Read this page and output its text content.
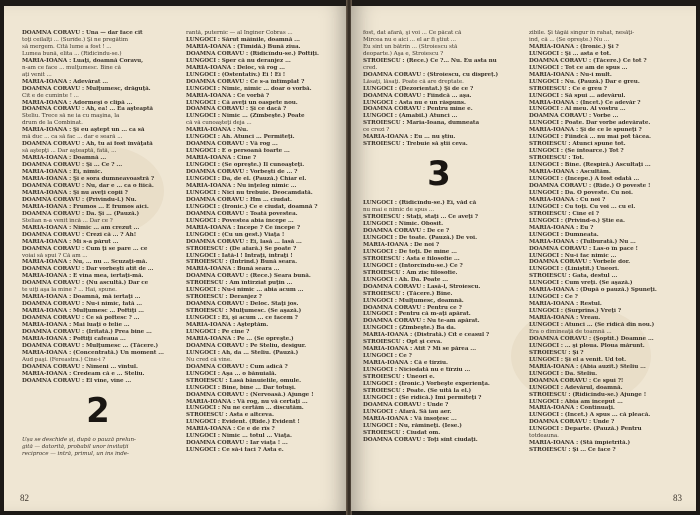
DOAMNA CORAVU : Una — dar face cît
toţi ceilalţi ... (Surîde.) Şi ne pregătim
să mergem. Cîtă lume a fost ! ...
Lumea bună, elita ... (Ridicîndu-se.)
MARIA-IOANA : Luaţi, doamnă Coravu,
n-am ce face ... mulţumesc. Bine că
ați venit ...
MARIA-IOANA : Adevărat ...
DOAMNA CORAVU : Mulţumesc, drăguţă.
Cît e de cuminte ! ...
MARIA-IOANA : Adormeşi o clipă ...
DOAMNA CORAVU : Ah, ea! ... Ea aşteaptă
Steliu. Trece să ne ia cu maşina, la
drum de la Combinat.
MARIA-IOANA : Şi eu aştept un ... ca să
mă duc ... ca să fac ... dar e seară ...
DOAMNA CORAVU : Ah, tu ai fost învăţată
să aştepţi ... Dar aşteaptă, fată, ...
MARIA-IOANA : Doamnă ...
DOAMNA CORAVU : Şi ... Ce ? ...
MARIA-IOANA : Ei, nimic.
MARIA-IOANA : Şi e sora dumneavoastră ?
DOAMNA CORAVU : Nu, dar e ... ca o fiică.
MARIA-IOANA : Şi nu aveţi copii ?
DOAMNA CORAVU : (Privindu-l.) Nu.
MARIA-IOANA : Frumos ... E frumos aici.
DOAMNA CORAVU : Da. Şi ... (Pauză.)
Stelian n-a venit încă ... Dar ce ?
MARIA-IOANA : Nimic ... am crezut ...
DOAMNA CORAVU : Crezi că ... ? Ah!
MARIA-IOANA : Mi s-a părut ...
DOAMNA CORAVU : Cum ţi se pare ... ce
voiai să spui ? Că am ...
MARIA-IOANA : Nu, ... nu ... Scuzaţi-mă.
DOAMNA CORAVU : Dar vorbeşti atît de ...
MARIA-IOANA : E vina mea, iertaţi-mă.
DOAMNA CORAVU : (Nu ascultă.) Dar ce
te uiţi aşa la mine ? ... Hai, spune.
MARIA-IOANA : Doamnă, mă iertaţi ...
DOAMNA CORAVU : Nu-i nimic, fată ...
MARIA-IOANA : Mulţumesc ... Poftiţi ...
DOAMNA CORAVU : Ce să poftesc ? ...
MARIA-IOANA : Mai luaţi o felie ...
DOAMNA CORAVU : (Iritată.) Prea bine ...
MARIA-IOANA : Poftiţi cafeaua ...
DOAMNA CORAVU : Mulţumesc ... (Tăcere.)
MARIA-IOANA : (Concentrată.) Un moment ...
Aud paşi. (Fereastra.) Cine-i ?
DOAMNA CORAVU : Nimeni ... vîntul.
MARIA-IOANA : Credeam că e ... Steliu.
DOAMNA CORAVU : El vine, vine ...
2
Ușa se deschide și, după o pauză prelun-
gită — datorită, probabil unor invitații
reciproce — intră, primul, un ins înde-
rantă, puternic — al Inginer Cobras ...
LUNGOCI : Sărut mâinile, doamnă ...
MARIA-IOANA : (Timidă.) Bună ziua.
DOAMNA CORAVU : (Ridicîndu-se.) Poftiţi.
LUNGOCI : Sper că nu deranjez ...
MARIA-IOANA : Deloc, vă rog ...
LUNGOCI : (Ostentativ.) Ei ! Ei !
DOAMNA CORAVU : Ce s-a întîmplat ?
LUNGOCI : Nimic, nimic ... doar o vorbă.
MARIA-IOANA : Ce vorbă ?
LUNGOCI : Că aveţi un oaspete nou.
DOAMNA CORAVU : Şi ce dacă ?
LUNGOCI : Nimic ... (Zîmbeşte.) Poate
că vă cunoaşteţi deja ...
MARIA-IOANA : Nu.
LUNGOCI : Ah. Atunci ... Permiteţi.
DOAMNA CORAVU : Vă rog ...
LUNGOCI : E o persoană foarte ...
MARIA-IOANA : Cine ?
LUNGOCI : (Se opreşte.) Îl cunoaşteţi.
DOAMNA CORAVU : Vorbeşti de ... ?
LUNGOCI : Da, de el. (Pauză.) Chiar el.
MARIA-IOANA : Nu înţeleg nimic ...
LUNGOCI : Nici nu trebuie. Deocamdată.
DOAMNA CORAVU : Hm ... ciudat.
LUNGOCI : (Ironic.) Ce e ciudat, doamnă ?
DOAMNA CORAVU : Toată povestea.
LUNGOCI : Povestea abia începe ...
MARIA-IOANA : Începe ? Ce începe ?
LUNGOCI : (Cu un gest.) Viaţa !
DOAMNA CORAVU : Ei, lasă ... lasă ...
STROIESCU : (De afară.) Se poate ?
LUNGOCI : Iată-l ! Intraţi, intraţi !
STROIESCU : (Intrînd.) Bună seara.
MARIA-IOANA : Bună seara ...
DOAMNA CORAVU : (Rece.) Seara bună.
STROIESCU : Am întîrziat puţin ...
LUNGOCI : Nu-i nimic ... abia acum ...
STROIESCU : Deranjez ?
DOAMNA CORAVU : Deloc. Staţi jos.
STROIESCU : Mulţumesc. (Se aşază.)
LUNGOCI : Ei, şi acum ... ce facem ?
MARIA-IOANA : Aşteptăm.
LUNGOCI : Pe cine ?
MARIA-IOANA : Pe ... (Se opreşte.)
DOAMNA CORAVU : Pe Steliu, desigur.
LUNGOCI : Ah, da ... Steliu. (Pauză.)
Nu cred că vine.
DOAMNA CORAVU : Cum adică ?
LUNGOCI : Aşa ... o bănuială.
STROIESCU : Lasă bănuielile, omule.
LUNGOCI : Bine, bine ... Dar totuşi.
DOAMNA CORAVU : (Nervoasă.) Ajunge !
MARIA-IOANA : Vă rog, nu vă certaţi ...
LUNGOCI : Nu ne certăm ... discutăm.
STROIESCU : Asta e altceva.
LUNGOCI : Evident. (Rîde.) Evident !
MARIA-IOANA : Ce e de rîs ?
LUNGOCI : Nimic ... totul ... Viaţa.
DOAMNA CORAVU : Iar viaţa ! ...
LUNGOCI : Ce să-i faci ? Asta e.
82
fost, dat afară, şi voi ... Ce păcat că
Mircea nu e aici ... el ar fi ştiut ...
Eu sînt un bătrîn ... (Stroiescu stă
deoparte.) Aşa e, Stroiescu ?
STROIESCU : (Rece.) Ce ?... Nu. Eu asta nu
cred.
DOAMNA CORAVU : (Stroiescu, cu dispreț.)
Lăsaţi, lăsaţi. Poate că are dreptate.
LUNGOCI : (Dezorientat.) Şi de ce ?
DOAMNA CORAVU : Fiindcă ... aşa.
LUNGOCI : Asta nu e un răspuns.
DOAMNA CORAVU : Pentru mine e.
LUNGOCI : (Amabil.) Atunci ...
STROIESCU : Maria-Ioana, dumneata
ce crezi ?
MARIA-IOANA : Eu ... nu ştiu.
STROIESCU : Trebuie să ştii ceva.
3
LUNGOCI : (Ridicîndu-se.) Ei, văd că
nu mai e nimic de spus ...
STROIESCU : Staţi, staţi ... Ce aveţi ?
LUNGOCI : Nimic. Obosit.
DOAMNA CORAVU : De ce ?
LUNGOCI : De toate. (Pauză.) De voi.
MARIA-IOANA : De noi ?
LUNGOCI : De toţi. De mine ...
STROIESCU : Asta e filosofie ...
LUNGOCI : (Întorcîndu-se.) Ce ?
STROIESCU : Am zis: filosofie.
LUNGOCI : Ah. Da. Poate ...
DOAMNA CORAVU : Lasă-l, Stroiescu.
STROIESCU : (Tăcere.) Bine.
LUNGOCI : Mulţumesc, doamnă.
DOAMNA CORAVU : Pentru ce ?
LUNGOCI : Pentru că m-aţi apărat.
DOAMNA CORAVU : Nu te-am apărat.
LUNGOCI : (Zîmbeşte.) Ba da.
MARIA-IOANA : (Distrată.) Cît e ceasul ?
STROIESCU : Opt şi ceva.
MARIA-IOANA : Atît ? Mi se părea ...
LUNGOCI : Ce ?
MARIA-IOANA : Că e tîrziu.
LUNGOCI : Niciodată nu e tîrziu ...
STROIESCU : Uneori e.
LUNGOCI : (Ironic.) Vorbeşte experienţa.
STROIESCU : Poate. (Se uită la el.)
LUNGOCI : (Se ridică.) Îmi permiteţi ?
DOAMNA CORAVU : Unde ?
LUNGOCI : Afară. Să iau aer.
MARIA-IOANA : Vă însoţesc ...
LUNGOCI : Nu, rămîneţi. (Iese.)
STROIESCU : Ciudat om.
DOAMNA CORAVU : Toţi sînt ciudaţi.
zibile. Şi tăgăi singur în rahat, nesăţi-
ind, că ... (Se opreşte.) Nu ...
MARIA-IOANA : (Ironic.) Şi ?
LUNGOCI : Şi ... asta e tot.
DOAMNA CORAVU : (Tăcere.) Ce tot ?
LUNGOCI : Tot ce am de spus ...
MARIA-IOANA : Nu-i mult.
LUNGOCI : Nu. (Pauză.) Dar e greu.
STROIESCU : Ce e greu ?
LUNGOCI : Să spui ... adevărul.
MARIA-IOANA : (Încet.) Ce adevăr ?
LUNGOCI : Al meu. Al vostru ...
DOAMNA CORAVU : Vorbe ...
LUNGOCI : Poate. Dar vorbe adevărate.
MARIA-IOANA : Şi de ce le spuneţi ?
LUNGOCI : Fiindcă ... nu mai pot tăcea.
STROIESCU : Atunci spune tot.
LUNGOCI : (Se întoarce.) Tot ?
STROIESCU : Tot.
LUNGOCI : Bine. (Respiră.) Ascultaţi ...
MARIA-IOANA : Ascultăm.
LUNGOCI : (Începe.) A fost odată ...
DOAMNA CORAVU : (Rîde.) O poveste !
LUNGOCI : Da. O poveste. Cu noi.
MARIA-IOANA : Cu noi ?
LUNGOCI : Cu toţi. Cu voi ... cu el.
STROIESCU : Cine el ?
LUNGOCI : (Privind-o.) Ştie ea.
MARIA-IOANA : Eu ?
LUNGOCI : Dumneata.
MARIA-IOANA : (Tulburată.) Nu ...
DOAMNA CORAVU : Las-o în pace !
LUNGOCI : Nu-i fac nimic ...
DOAMNA CORAVU : Vorbele dor.
LUNGOCI : (Liniștit.) Uneori.
STROIESCU : Gata, destul ...
LUNGOCI : Cum vreţi. (Se aşază.)
MARIA-IOANA : (După o pauză.) Spuneţi.
LUNGOCI : Ce ?
MARIA-IOANA : Restul.
LUNGOCI : (Surprins.) Vreţi ?
MARIA-IOANA : Vreau.
LUNGOCI : Atunci ... (Se ridică din nou.)
Era o dimineaţă de toamnă ...
DOAMNA CORAVU : (Şoptit.) Doamne ...
LUNGOCI : ... şi ploua. Ploua mărunt.
STROIESCU : Şi ?
LUNGOCI : Şi el a venit. Ud tot.
MARIA-IOANA : (Abia auzit.) Steliu ...
LUNGOCI : Da. Steliu.
DOAMNA CORAVU : Ce spui ?!
LUNGOCI : Adevărul, doamnă.
STROIESCU : (Ridicîndu-se.) Ajunge !
LUNGOCI : Abia am început ...
MARIA-IOANA : Continuaţi.
LUNGOCI : (Încet.) A spus ... că pleacă.
DOAMNA CORAVU : Unde ?
LUNGOCI : Departe. (Pauză.) Pentru
totdeauna.
MARIA-IOANA : (Stă împietrită.)
STROIESCU : Şi ... Ce face ?
83
